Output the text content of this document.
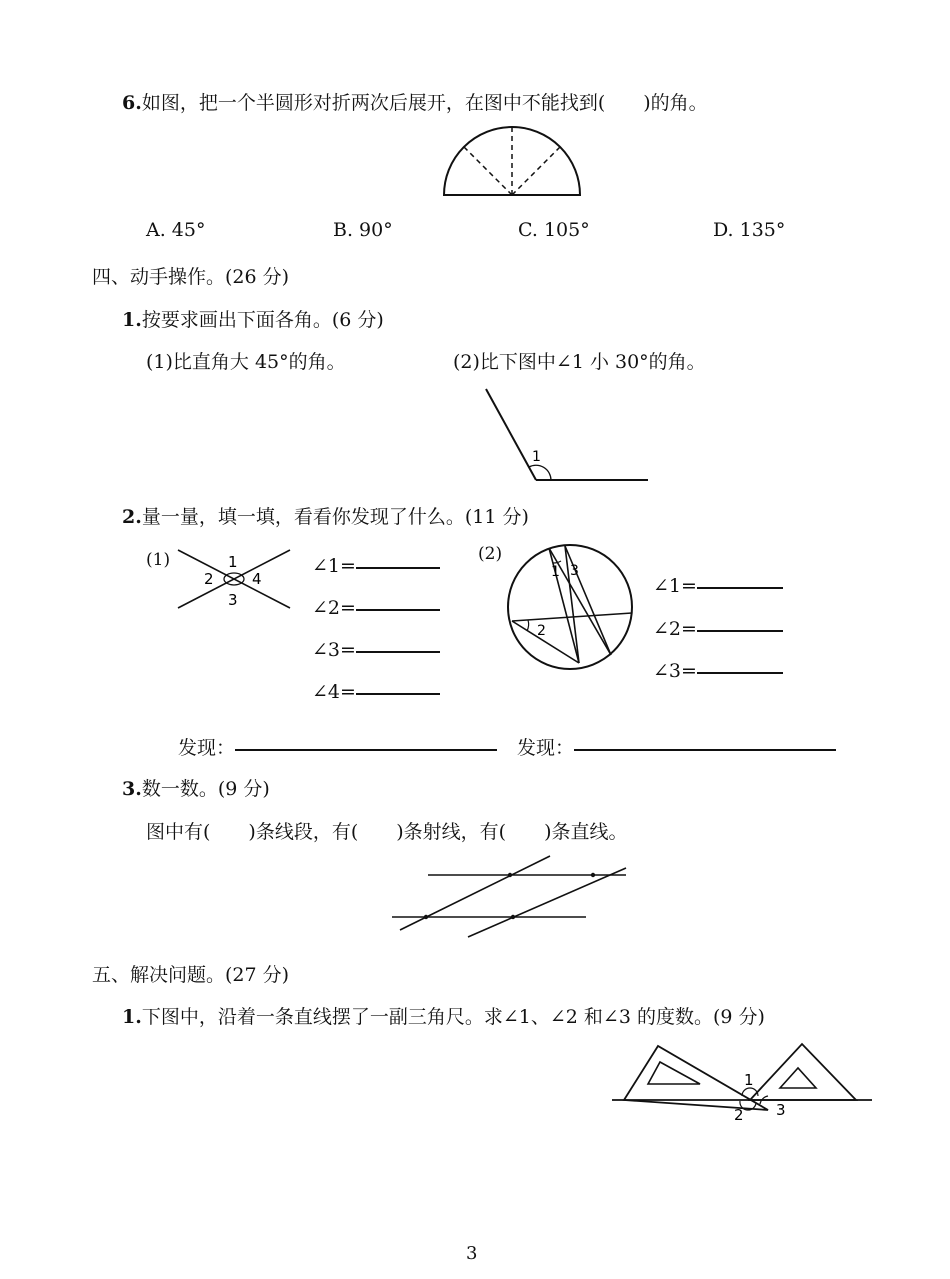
6.如图，把一个半圆形对折两次后展开，在图中不能找到(　　)的角。
A. 45°	B. 90°	C. 105°	D. 135°
四、动手操作。(26 分)
1.按要求画出下面各角。(6 分)
(1)比直角大 45°的角。	(2)比下图中∠1 小 30°的角。
1
2.量一量，填一填，看看你发现了什么。(11 分)
(1)	1
2
3
4
∠1=
∠2=
∠3=
∠4=
(2)
1 3
2
∠1=
∠2=
∠3=
发现：	发现：
3.数一数。(9 分)
图中有(　　)条线段，有(　　)条射线，有(　　)条直线。
五、解决问题。(27 分)
1.下图中，沿着一条直线摆了一副三角尺。求∠1、∠2 和∠3 的度数。(9 分)
1
2 3
3
